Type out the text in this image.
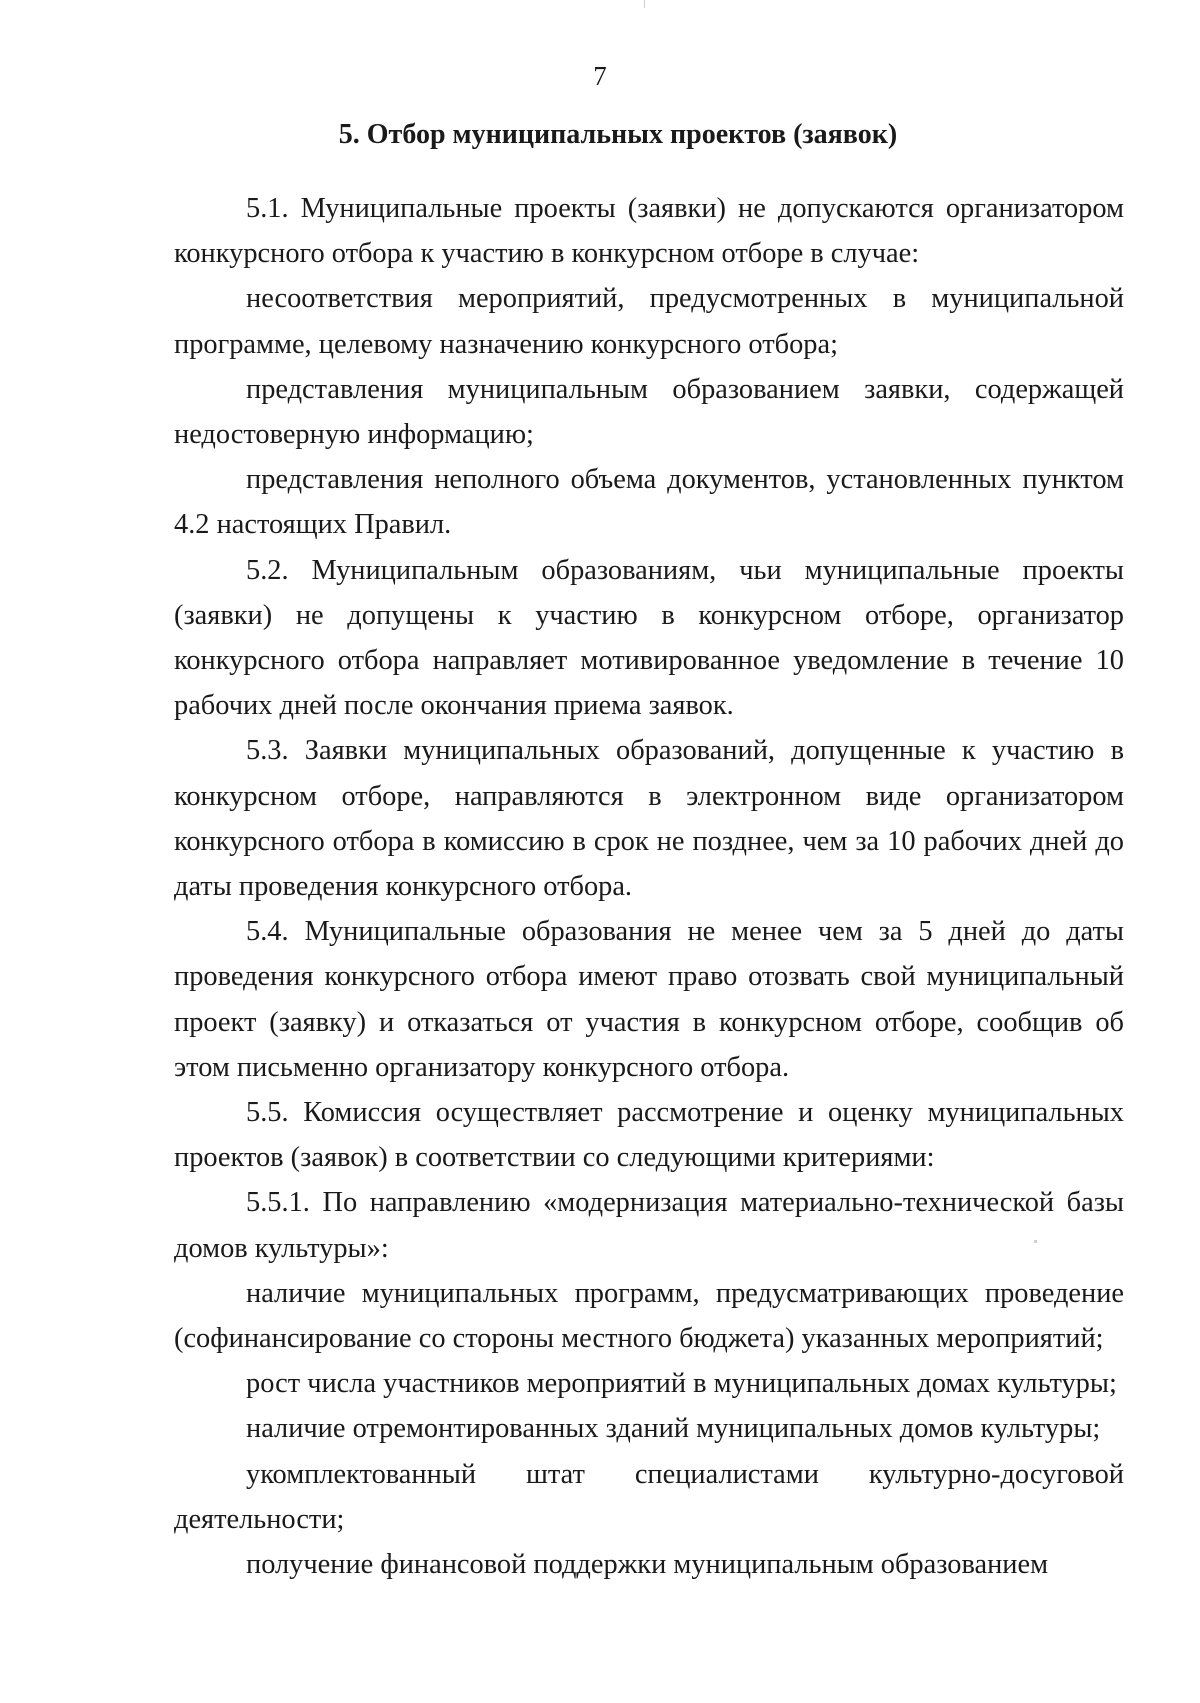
7
5. Отбор муниципальных проектов (заявок)

5.1. Муниципальные проекты (заявки) не допускаются организатором конкурсного отбора к участию в конкурсном отборе в случае:

несоответствия мероприятий, предусмотренных в муниципальной программе, целевому назначению конкурсного отбора;

представления муниципальным образованием заявки, содержащей недостоверную информацию;

представления неполного объема документов, установленных пунктом 4.2 настоящих Правил.

5.2. Муниципальным образованиям, чьи муниципальные проекты (заявки) не допущены к участию в конкурсном отборе, организатор конкурсного отбора направляет мотивированное уведомление в течение 10 рабочих дней после окончания приема заявок.

5.3. Заявки муниципальных образований, допущенные к участию в конкурсном отборе, направляются в электронном виде организатором конкурсного отбора в комиссию в срок не позднее, чем за 10 рабочих дней до даты проведения конкурсного отбора.

5.4. Муниципальные образования не менее чем за 5 дней до даты проведения конкурсного отбора имеют право отозвать свой муниципальный проект (заявку) и отказаться от участия в конкурсном отборе, сообщив об этом письменно организатору конкурсного отбора.

5.5. Комиссия осуществляет рассмотрение и оценку муниципальных проектов (заявок) в соответствии со следующими критериями:

5.5.1. По направлению «модернизация материально-технической базы домов культуры»:

наличие муниципальных программ, предусматривающих проведение (софинансирование со стороны местного бюджета) указанных мероприятий;

рост числа участников мероприятий в муниципальных домах культуры;

наличие отремонтированных зданий муниципальных домов культуры;

укомплектованный штат специалистами культурно-досуговой деятельности;

получение финансовой поддержки муниципальным образованием
